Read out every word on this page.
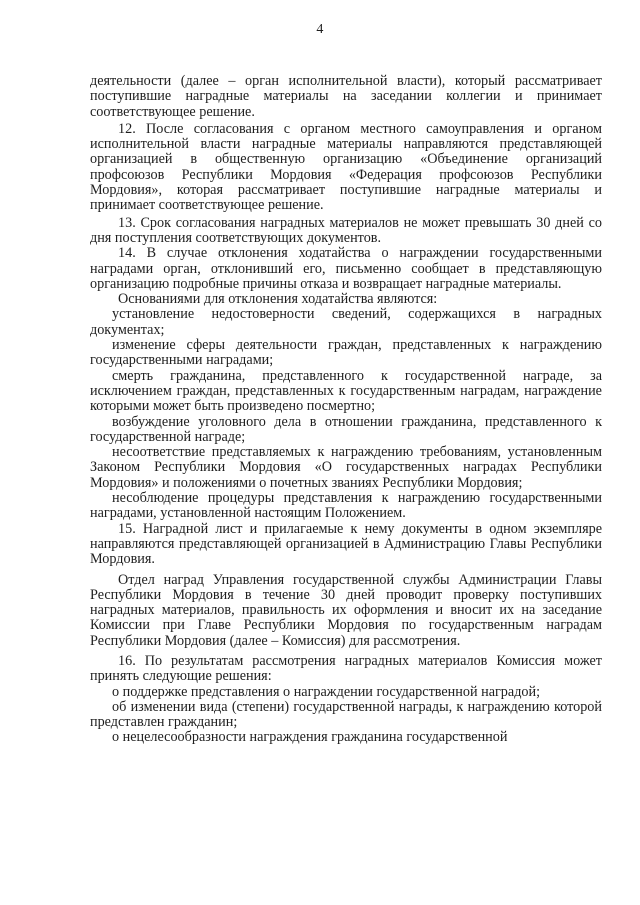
4

деятельности (далее – орган исполнительной власти), который рассматривает поступившие наградные материалы на заседании коллегии и принимает соответствующее решение.

12. После согласования с органом местного самоуправления и органом исполнительной власти наградные материалы направляются представляющей организацией в общественную организацию «Объединение организаций профсоюзов Республики Мордовия «Федерация профсоюзов Республики Мордовия», которая рассматривает поступившие наградные материалы и принимает соответствующее решение.

13. Срок согласования наградных материалов не может превышать 30 дней со дня поступления соответствующих документов.

14. В случае отклонения ходатайства о награждении государственными наградами орган, отклонивший его, письменно сообщает в представляющую организацию подробные причины отказа и возвращает наградные материалы.

Основаниями для отклонения ходатайства являются:

установление недостоверности сведений, содержащихся в наградных документах;

изменение сферы деятельности граждан, представленных к награждению государственными наградами;

смерть гражданина, представленного к государственной награде, за исключением граждан, представленных к государственным наградам, награждение которыми может быть произведено посмертно;

возбуждение уголовного дела в отношении гражданина, представленного к государственной награде;

несоответствие представляемых к награждению требованиям, установленным Законом Республики Мордовия «О государственных наградах Республики Мордовия» и положениями о почетных званиях Республики Мордовия;

несоблюдение процедуры представления к награждению государственными наградами, установленной настоящим Положением.

15. Наградной лист и прилагаемые к нему документы в одном экземпляре направляются представляющей организацией в Администрацию Главы Республики Мордовия.

Отдел наград Управления государственной службы Администрации Главы Республики Мордовия в течение 30 дней проводит проверку поступивших наградных материалов, правильность их оформления и вносит их на заседание Комиссии при Главе Республики Мордовия по государственным наградам Республики Мордовия (далее – Комиссия) для рассмотрения.

16. По результатам рассмотрения наградных материалов Комиссия может принять следующие решения:

о поддержке представления о награждении государственной наградой;

об изменении вида (степени) государственной награды, к награждению которой представлен гражданин;

о нецелесообразности награждения гражданина государственной
